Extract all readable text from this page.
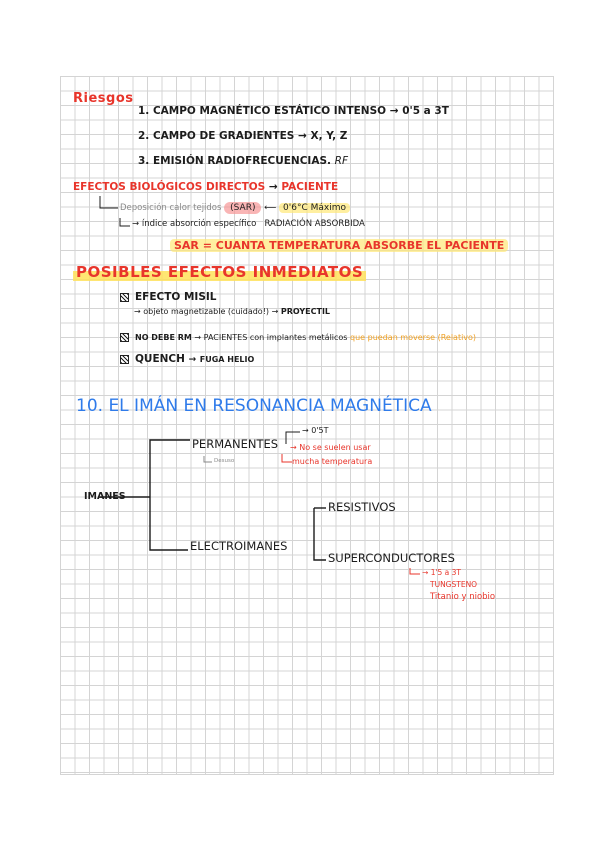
Riesgos
1. CAMPO MAGNÉTICO ESTÁTICO INTENSO → 0'5 a 3T
2. CAMPO DE GRADIENTES → X, Y, Z
3. EMISIÓN RADIOFRECUENCIAS. RF
EFECTOS BIOLÓGICOS DIRECTOS → PACIENTE
Deposición calor tejidos (SAR) ⟵ 0'6°C Máximo
→ índice absorción específico RADIACIÓN ABSORBIDA
SAR = CUANTA TEMPERATURA ABSORBE EL PACIENTE
POSIBLES EFECTOS INMEDIATOS
EFECTO MISIL
→ objeto magnetizable (cuidado!) → PROYECTIL
NO DEBE RM → PACIENTES con implantes metálicos que puedan moverse (Relativo)
QUENCH → FUGA HELIO
10. EL IMÁN EN RESONANCIA MAGNÉTICA
IMANES
PERMANENTES
→ 0'5T
→ No se suelen usar
mucha temperatura
Desuso
ELECTROIMANES
RESISTIVOS
SUPERCONDUCTORES
→ 1'5 a 3T
TUNGSTENO
Titanio y niobio
